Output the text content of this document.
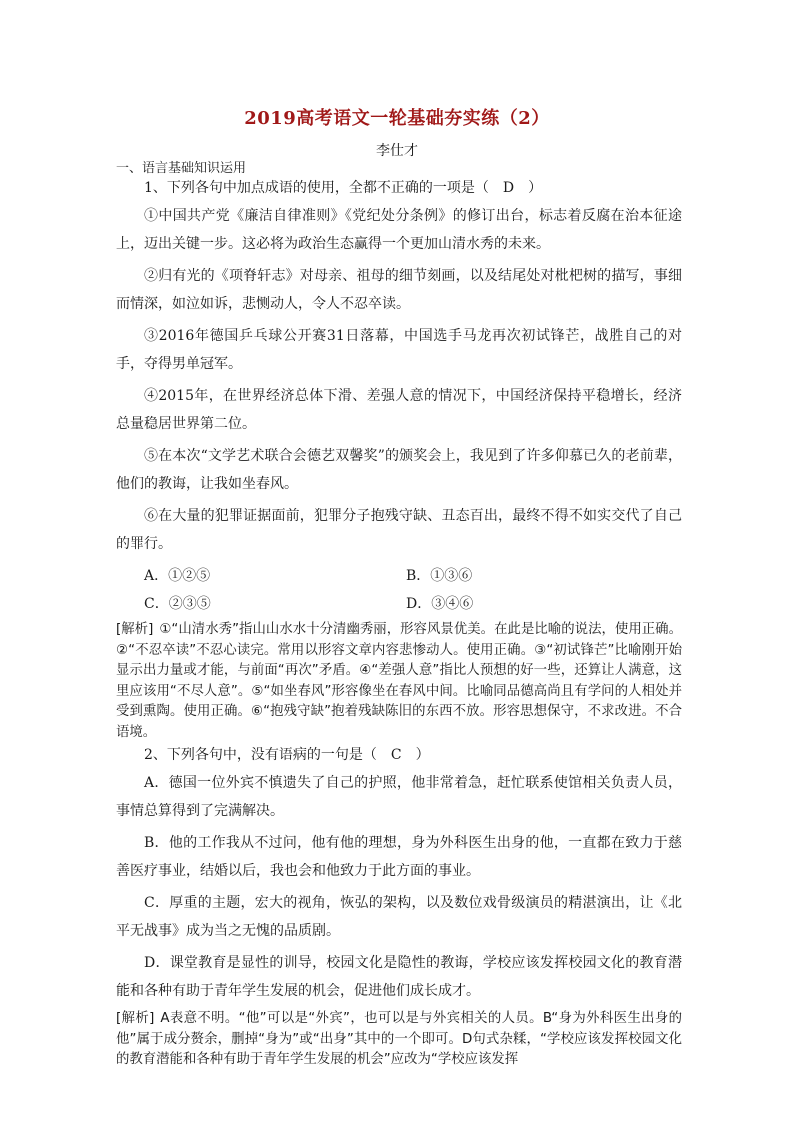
2019高考语文一轮基础夯实练（2）
李仕才

一、语言基础知识运用

1、下列各句中加点成语的使用，全都不正确的一项是（　D　）

①中国共产党《廉洁自律准则》《党纪处分条例》的修订出台，标志着反腐在治本征途上，迈出关键一步。这必将为政治生态赢得一个更加山清水秀的未来。

②归有光的《项脊轩志》对母亲、祖母的细节刻画，以及结尾处对枇杷树的描写，事细而情深，如泣如诉，悲恻动人，令人不忍卒读。

③2016年德国乒乓球公开赛31日落幕，中国选手马龙再次初试锋芒，战胜自己的对手，夺得男单冠军。

④2015年，在世界经济总体下滑、差强人意的情况下，中国经济保持平稳增长，经济总量稳居世界第二位。

⑤在本次“文学艺术联合会德艺双馨奖”的颁奖会上，我见到了许多仰慕已久的老前辈，他们的教诲，让我如坐春风。

⑥在大量的犯罪证据面前，犯罪分子抱残守缺、丑态百出，最终不得不如实交代了自己的罪行。

A．①②⑤	B．①③⑥
C．②③⑤	D．③④⑥

[解析] ①“山清水秀”指山山水水十分清幽秀丽，形容风景优美。在此是比喻的说法，使用正确。②“不忍卒读”不忍心读完。常用以形容文章内容悲惨动人。使用正确。③“初试锋芒”比喻刚开始显示出力量或才能，与前面“再次”矛盾。④“差强人意”指比人预想的好一些，还算让人满意，这里应该用“不尽人意”。⑤“如坐春风”形容像坐在春风中间。比喻同品德高尚且有学问的人相处并受到熏陶。使用正确。⑥“抱残守缺”抱着残缺陈旧的东西不放。形容思想保守，不求改进。不合语境。

2、下列各句中，没有语病的一句是（　C　）

A．德国一位外宾不慎遗失了自己的护照，他非常着急，赶忙联系使馆相关负责人员，事情总算得到了完满解决。

B．他的工作我从不过问，他有他的理想，身为外科医生出身的他，一直都在致力于慈善医疗事业，结婚以后，我也会和他致力于此方面的事业。

C．厚重的主题，宏大的视角，恢弘的架构，以及数位戏骨级演员的精湛演出，让《北平无战事》成为当之无愧的品质剧。

D．课堂教育是显性的训导，校园文化是隐性的教诲，学校应该发挥校园文化的教育潜能和各种有助于青年学生发展的机会，促进他们成长成才。

[解析] A表意不明。“他”可以是“外宾”，也可以是与外宾相关的人员。B“身为外科医生出身的他”属于成分赘余，删掉“身为”或“出身”其中的一个即可。D句式杂糅，“学校应该发挥校园文化的教育潜能和各种有助于青年学生发展的机会”应改为“学校应该发挥
